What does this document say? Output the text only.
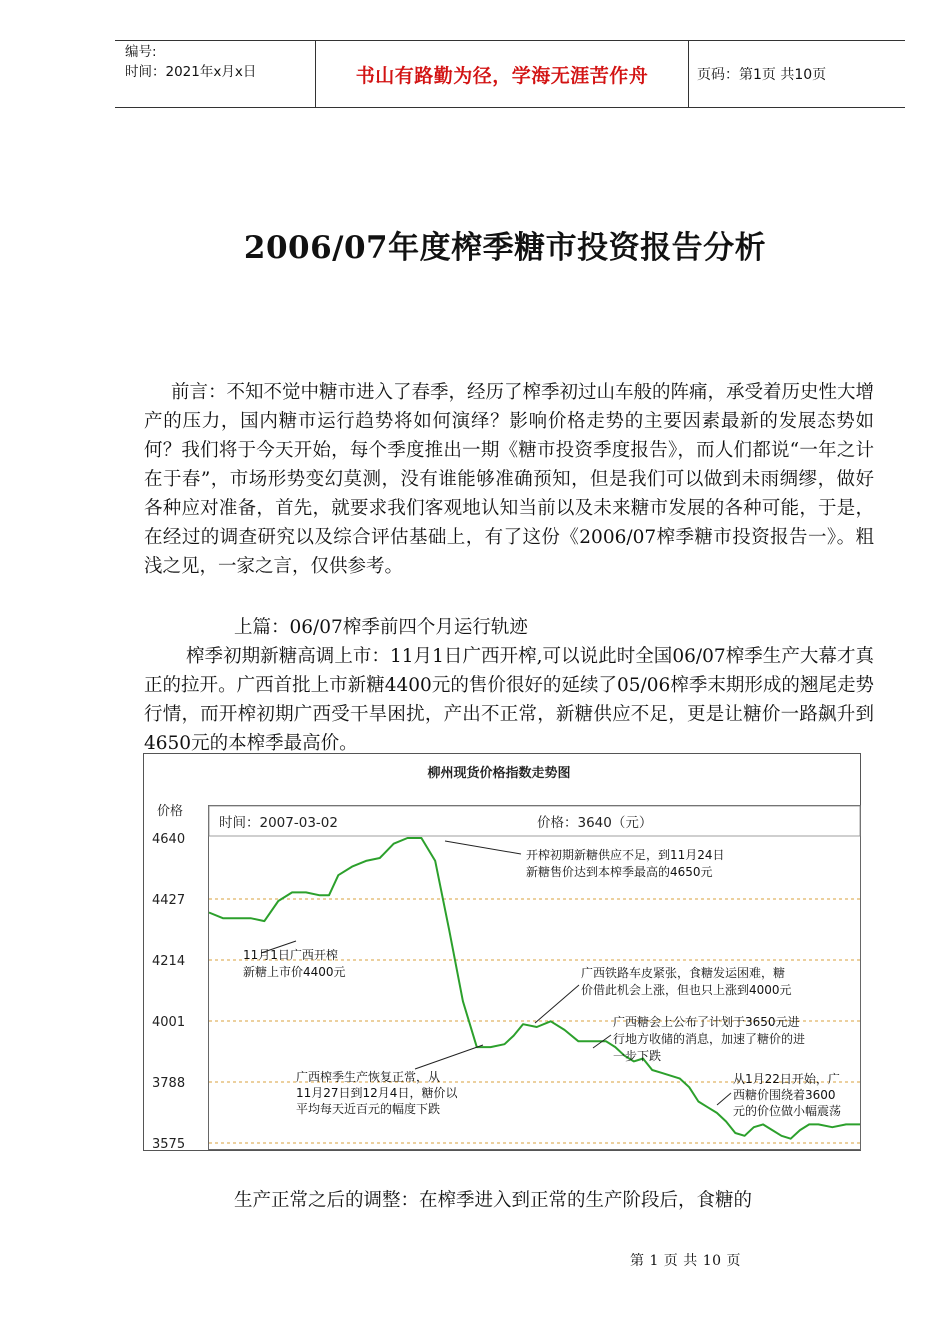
编号:
时间：2021年x月x日	书山有路勤为径，学海无涯苦作舟	页码：第1页 共10页
2006/07年度榨季糖市投资报告分析
前言：不知不觉中糖市进入了春季，经历了榨季初过山车般的阵痛，承受着历史性大增产的压力，国内糖市运行趋势将如何演绎？影响价格走势的主要因素最新的发展态势如何？我们将于今天开始，每个季度推出一期《糖市投资季度报告》，而人们都说“一年之计在于春”，市场形势变幻莫测，没有谁能够准确预知，但是我们可以做到未雨绸缪，做好各种应对准备，首先，就要求我们客观地认知当前以及未来糖市发展的各种可能，于是，在经过的调查研究以及综合评估基础上，有了这份《2006/07榨季糖市投资报告一》。粗浅之见，一家之言，仅供参考。
上篇：06/07榨季前四个月运行轨迹
榨季初期新糖高调上市：11月1日广西开榨,可以说此时全国06/07榨季生产大幕才真正的拉开。广西首批上市新糖4400元的售价很好的延续了05/06榨季末期形成的翘尾走势行情，而开榨初期广西受干旱困扰，产出不正常，新糖供应不足，更是让糖价一路飙升到4650元的本榨季最高价。
柳州现货价格指数走势图
价格
时间：2007-03-02	价格：3640（元）
4640
4427
4214
4001
3788
3575
开榨初期新糖供应不足，到11月24日新糖售价达到本榨季最高的4650元
11月1日广西开榨新糖上市价4400元	广西铁路车皮紧张，食糖发运困难，糖价借此机会上涨，但也只上涨到4000元
广西糖会上公布了计划于3650元进行地方收储的消息，加速了糖价的进一步下跌
广西榨季生产恢复正常，从 11月27日到12月4日，糖价以平均每天近百元的幅度下跌
从1月22日开始，广西糖价围绕着3600 元的价位做小幅震荡
生产正常之后的调整：在榨季进入到正常的生产阶段后，食糖的
第 1 页 共 10 页
